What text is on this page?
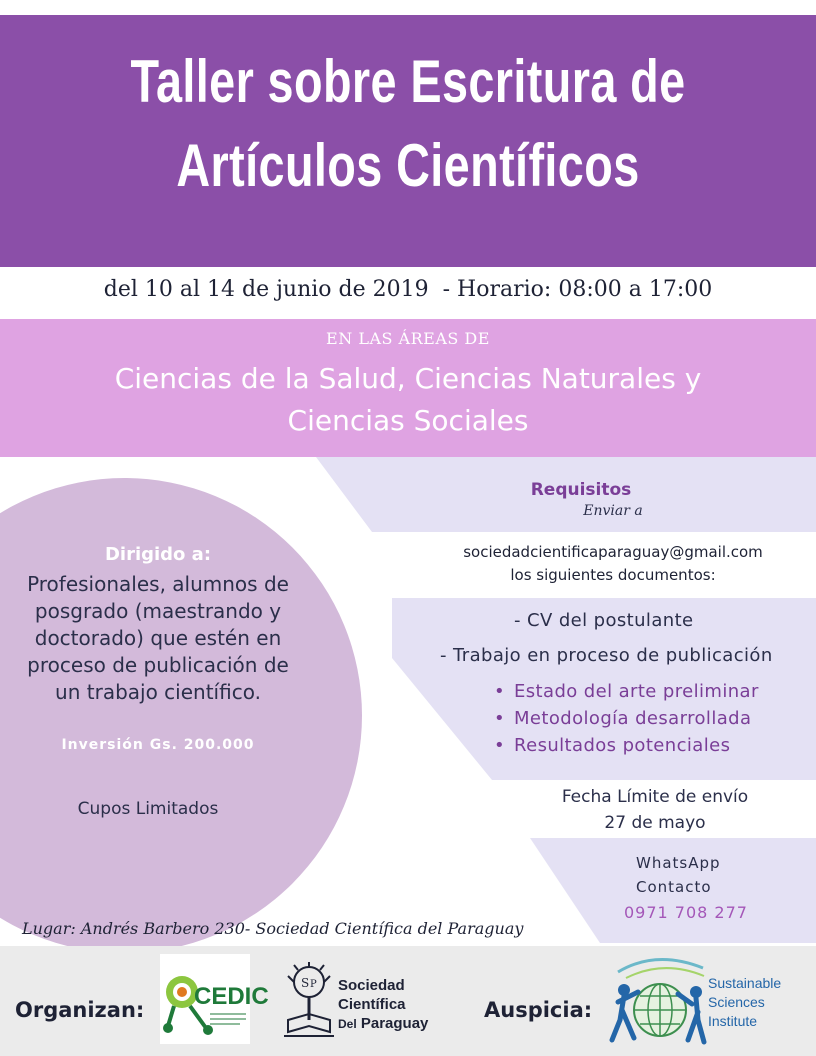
Taller sobre Escritura de
Artículos Científicos
del 10 al 14 de junio de 2019 - Horario: 08:00 a 17:00
EN LAS ÁREAS DE
Ciencias de la Salud, Ciencias Naturales y
Ciencias Sociales
Dirigido a:
Profesionales, alumnos de
posgrado (maestrando y
doctorado) que estén en
proceso de publicación de
un trabajo científico.
Inversión Gs. 200.000
Cupos Limitados
Requisitos
Enviar a
sociedadcientificaparaguay@gmail.com
los siguientes documentos:
- CV del postulante
- Trabajo en proceso de publicación
• Estado del arte preliminar
• Metodología desarrollada
• Resultados potenciales
Fecha Límite de envío
27 de mayo
WhatsApp
Contacto
0971 708 277
Lugar: Andrés Barbero 230- Sociedad Científica del Paraguay
Organizan:	Auspicia:
CEDIC	S P Sociedad
Científica
Del Paraguay
Sustainable
Sciences
Institute
